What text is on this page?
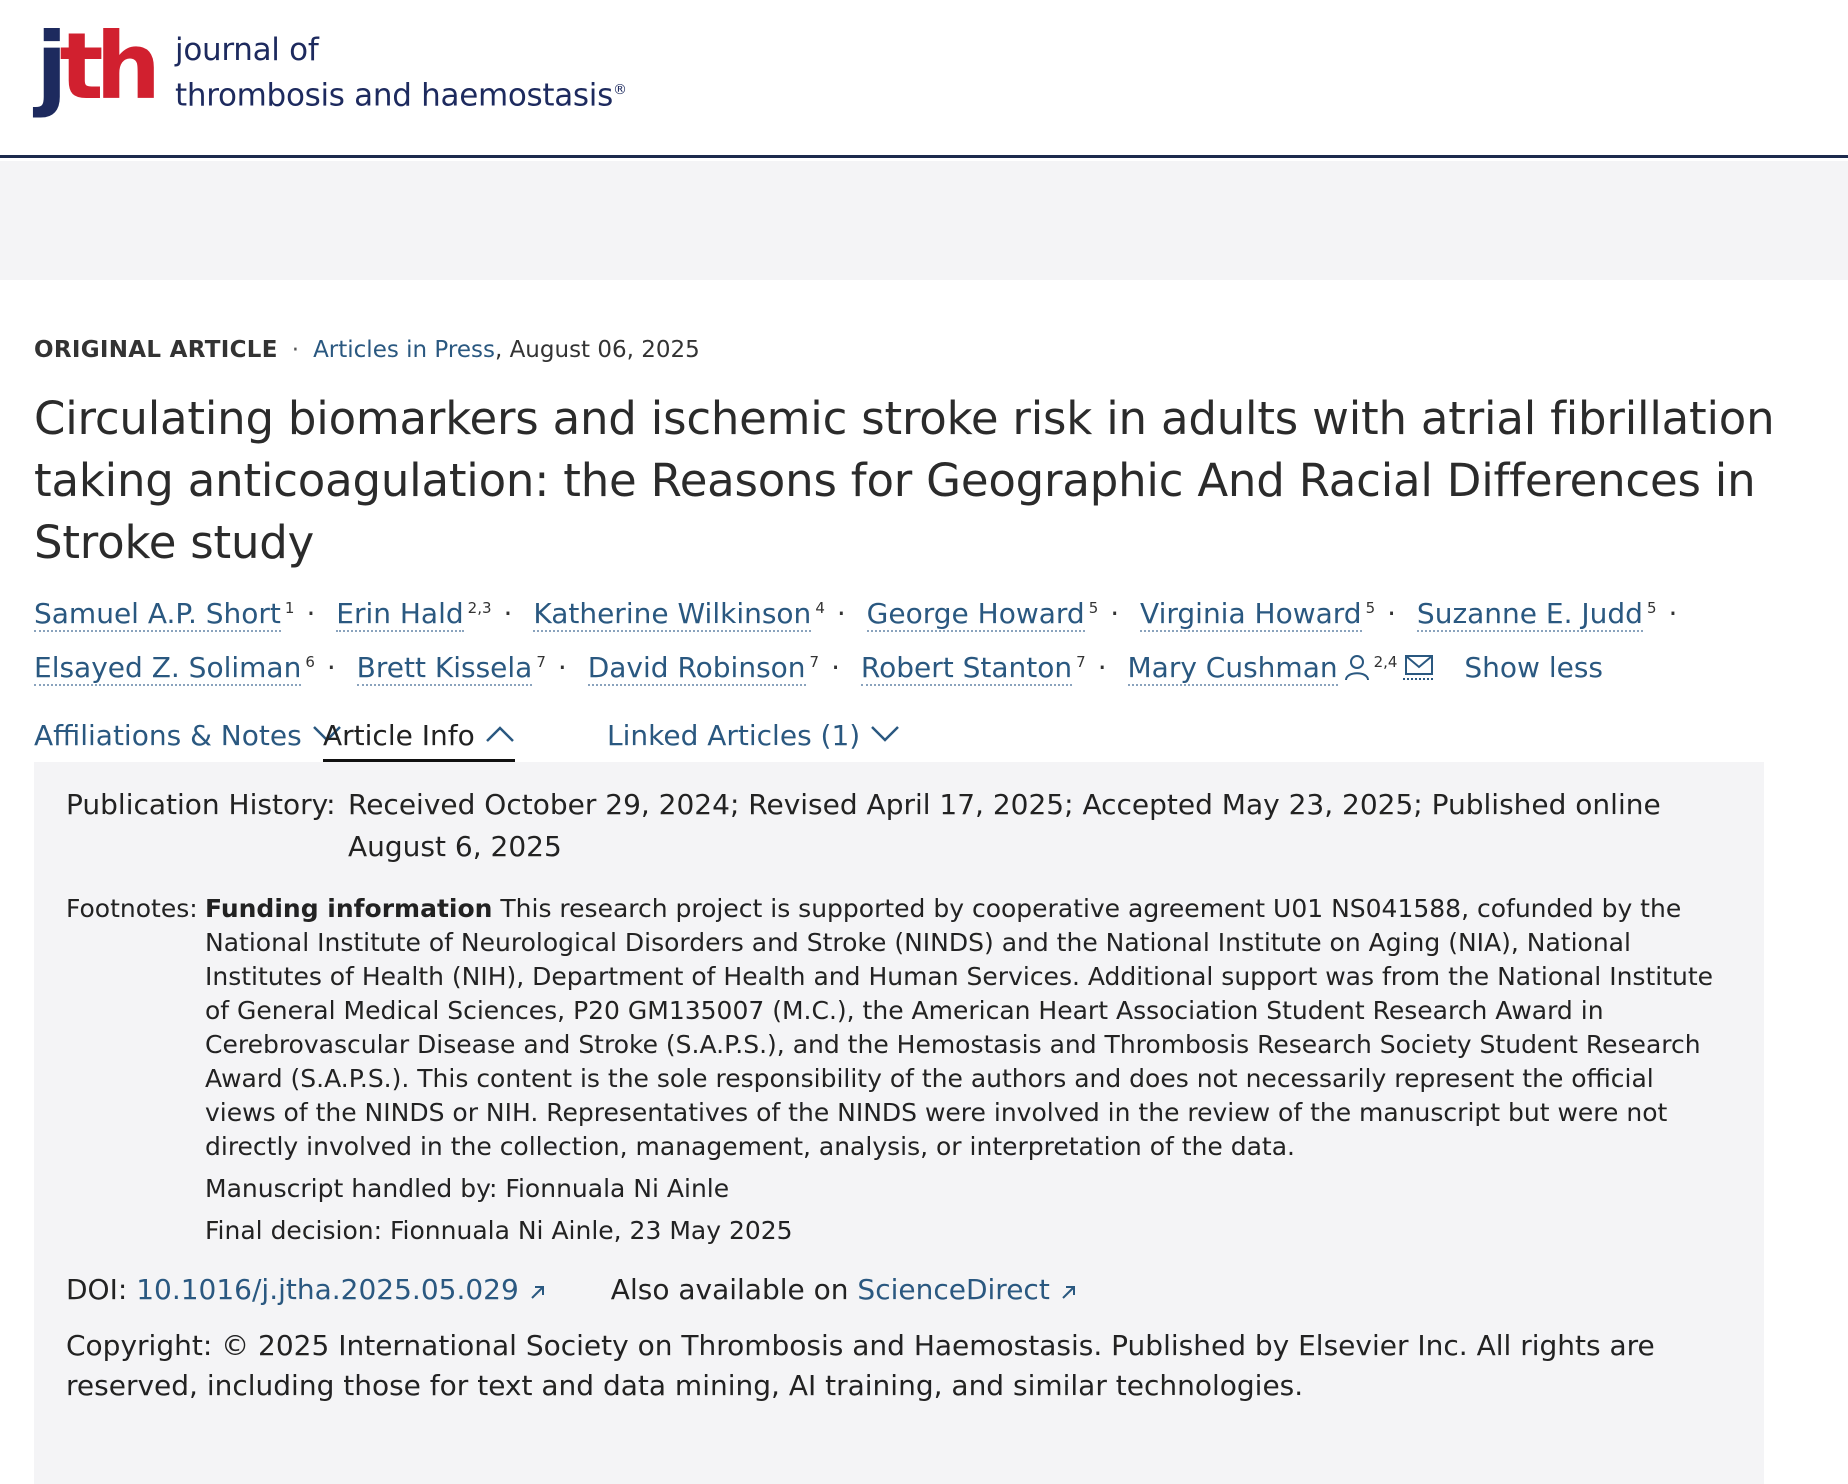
jth journal of
thrombosis and haemostasis®
ORIGINAL ARTICLE · Articles in Press, August 06, 2025
Circulating biomarkers and ischemic stroke risk in adults with atrial fibrillation taking anticoagulation: the Reasons for Geographic And Racial Differences in Stroke study
Samuel A.P. Short $^1$ · Erin Hald $^{2,3}$ · Katherine Wilkinson $^4$ · George Howard $^5$ · Virginia Howard $^5$ · Suzanne E. Judd $^5$ ·
Elsayed Z. Soliman $^6$ · Brett Kissela $^7$ · David Robinson $^7$ · Robert Stanton $^7$ · Mary Cushman $^{2,4}$ Show less
Affiliations & Notes Article Info	Linked Articles (1)
Publication History: Received October 29, 2024; Revised April 17, 2025; Accepted May 23, 2025; Published online August 6, 2025
Footnotes: Funding information This research project is supported by cooperative agreement U01 NS041588, cofunded by the National Institute of Neurological Disorders and Stroke (NINDS) and the National Institute on Aging (NIA), National Institutes of Health (NIH), Department of Health and Human Services. Additional support was from the National Institute of General Medical Sciences, P20 GM135007 (M.C.), the American Heart Association Student Research Award in Cerebrovascular Disease and Stroke (S.A.P.S.), and the Hemostasis and Thrombosis Research Society Student Research Award (S.A.P.S.). This content is the sole responsibility of the authors and does not necessarily represent the official views of the NINDS or NIH. Representatives of the NINDS were involved in the review of the manuscript but were not directly involved in the collection, management, analysis, or interpretation of the data.
Manuscript handled by: Fionnuala Ni Ainle
Final decision: Fionnuala Ni Ainle, 23 May 2025
DOI: 10.1016/j.jtha.2025.05.029	Also available on ScienceDirect
Copyright: © 2025 International Society on Thrombosis and Haemostasis. Published by Elsevier Inc. All rights are reserved, including those for text and data mining, AI training, and similar technologies.
